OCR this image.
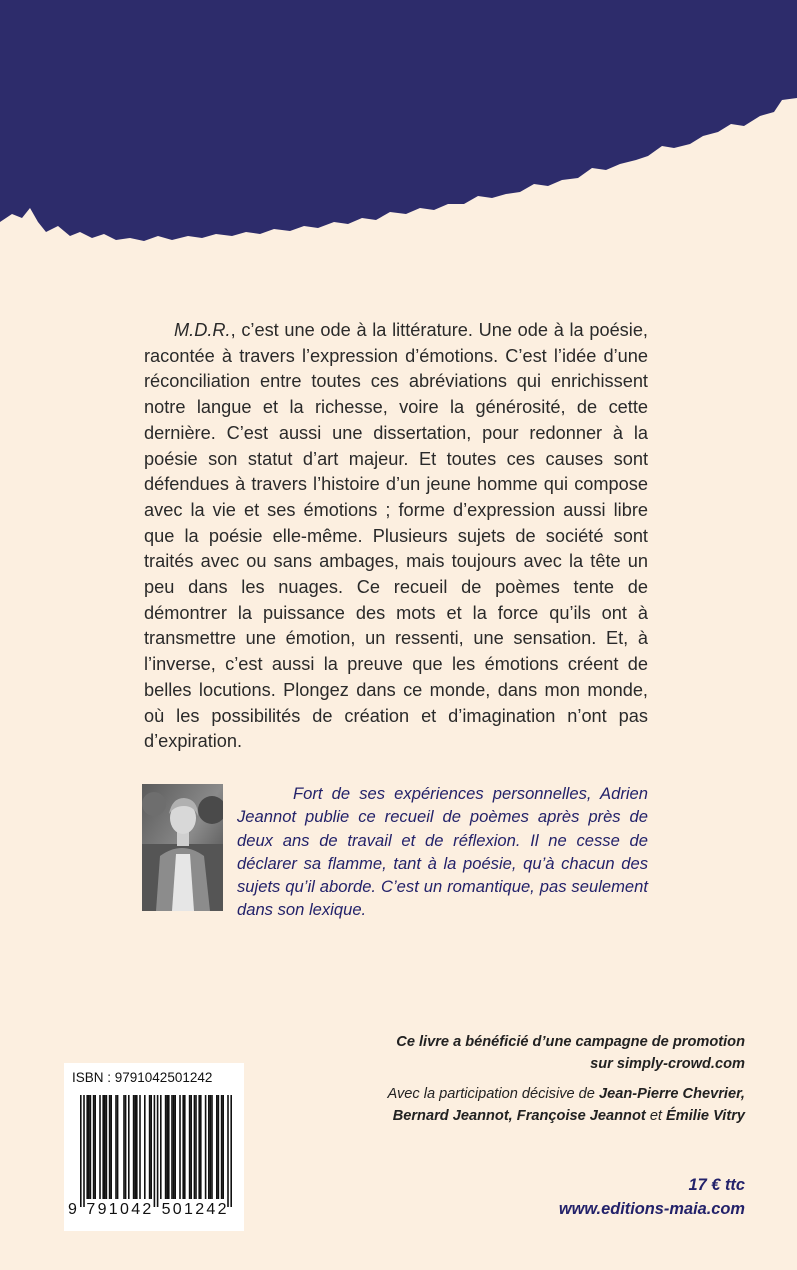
M.D.R., c’est une ode à la littérature. Une ode à la poésie, racontée à travers l’expression d’émotions. C’est l’idée d’une réconciliation entre toutes ces abréviations qui enrichissent notre langue et la richesse, voire la générosité, de cette dernière. C’est aussi une dissertation, pour redonner à la poésie son statut d’art majeur. Et toutes ces causes sont défendues à travers l’histoire d’un jeune homme qui compose avec la vie et ses émotions ; forme d’expression aussi libre que la poésie elle-même. Plusieurs sujets de société sont traités avec ou sans ambages, mais toujours avec la tête un peu dans les nuages. Ce recueil de poèmes tente de démontrer la puissance des mots et la force qu’ils ont à transmettre une émotion, un ressenti, une sensation. Et, à l’inverse, c’est aussi la preuve que les émotions créent de belles locutions. Plongez dans ce monde, dans mon monde, où les possibilités de création et d’imagination n’ont pas d’expiration.

Fort de ses expériences personnelles, Adrien Jeannot publie ce recueil de poèmes après près de deux ans de travail et de réflexion. Il ne cesse de déclarer sa flamme, tant à la poésie, qu’à chacun des sujets qu’il aborde. C’est un romantique, pas seulement dans son lexique.
Ce livre a bénéficié d’une campagne de promotion
sur simply-crowd.com
Avec la participation décisive de Jean-Pierre Chevrier,
Bernard Jeannot, Françoise Jeannot et Émilie Vitry
17 € ttc
www.editions-maia.com
ISBN : 9791042501242
9 7 9 1 0 4 2 5 0 1 2 4 2
